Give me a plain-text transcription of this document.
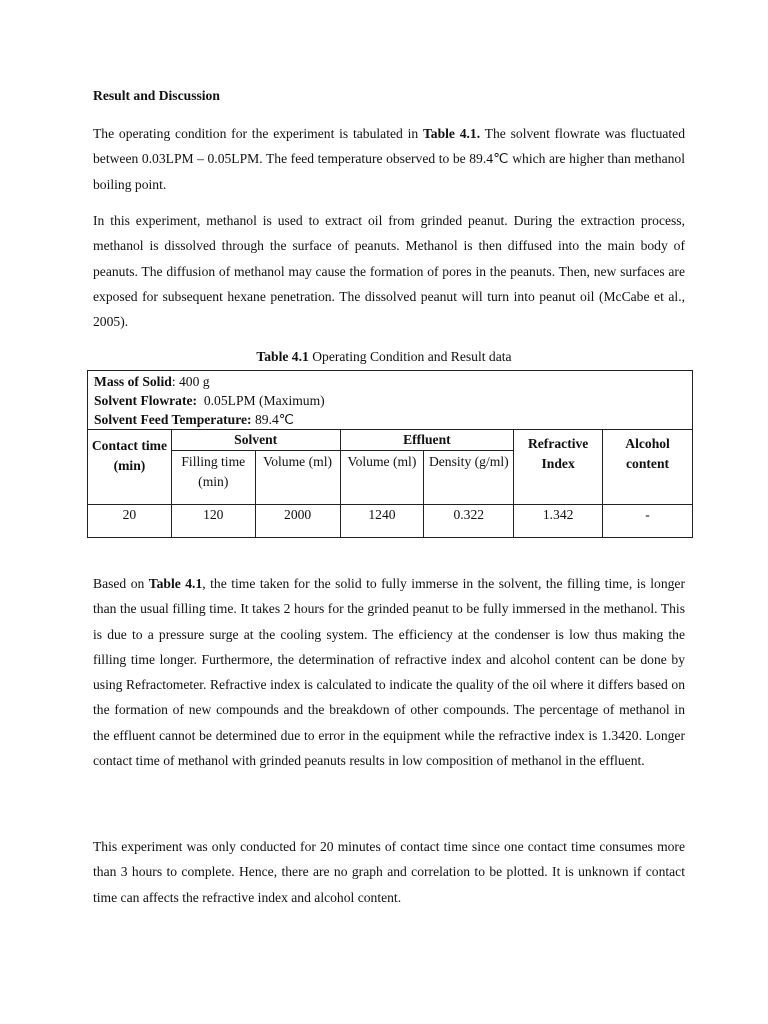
Result and Discussion

The operating condition for the experiment is tabulated in Table 4.1. The solvent flowrate was fluctuated between 0.03LPM – 0.05LPM. The feed temperature observed to be 89.4℃ which are higher than methanol boiling point.

In this experiment, methanol is used to extract oil from grinded peanut. During the extraction process, methanol is dissolved through the surface of peanuts. Methanol is then diffused into the main body of peanuts. The diffusion of methanol may cause the formation of pores in the peanuts. Then, new surfaces are exposed for subsequent hexane penetration. The dissolved peanut will turn into peanut oil (McCabe et al., 2005).

Table 4.1 Operating Condition and Result data
Mass of Solid: 400 g
Solvent Flowrate:  0.05LPM (Maximum)
Solvent Feed Temperature: 89.4℃						

Contact time (min)	Solvent		Effluent		Refractive Index	Alcohol content
	Filling time (min)	Volume (ml)	Volume (ml)	Density (g/ml)		
20	120	2000	1240	0.322	1.342	-

Based on Table 4.1, the time taken for the solid to fully immerse in the solvent, the filling time, is longer than the usual filling time. It takes 2 hours for the grinded peanut to be fully immersed in the methanol. This is due to a pressure surge at the cooling system. The efficiency at the condenser is low thus making the filling time longer. Furthermore, the determination of refractive index and alcohol content can be done by using Refractometer. Refractive index is calculated to indicate the quality of the oil where it differs based on the formation of new compounds and the breakdown of other compounds. The percentage of methanol in the effluent cannot be determined due to error in the equipment while the refractive index is 1.3420. Longer contact time of methanol with grinded peanuts results in low composition of methanol in the effluent.

This experiment was only conducted for 20 minutes of contact time since one contact time consumes more than 3 hours to complete. Hence, there are no graph and correlation to be plotted. It is unknown if contact time can affects the refractive index and alcohol content.
